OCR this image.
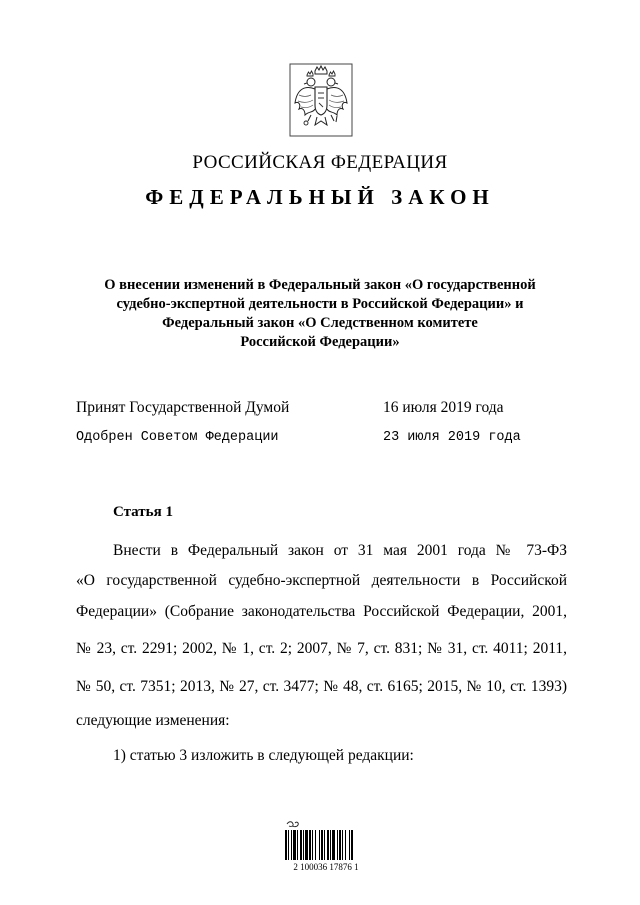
РОССИЙСКАЯ ФЕДЕРАЦИЯ
ФЕДЕРАЛЬНЫЙ ЗАКОН
О внесении изменений в Федеральный закон «О государственной
судебно-экспертной деятельности в Российской Федерации» и
Федеральный закон «О Следственном комитете
Российской Федерации»
Принят Государственной Думой	16 июля 2019 года
Одобрен Советом Федерации	23 июля 2019 года
Статья 1
Внести в Федеральный закон от 31 мая 2001 года № 73-ФЗ
«О государственной судебно-экспертной деятельности в Российской
Федерации» (Собрание законодательства Российской Федерации, 2001,
№ 23, ст. 2291; 2002, № 1, ст. 2; 2007, № 7, ст. 831; № 31, ст. 4011; 2011,
№ 50, ст. 7351; 2013, № 27, ст. 3477; № 48, ст. 6165; 2015, № 10, ст. 1393)
следующие изменения:
1) статью 3 изложить в следующей редакции:
2 100036 17876 1
